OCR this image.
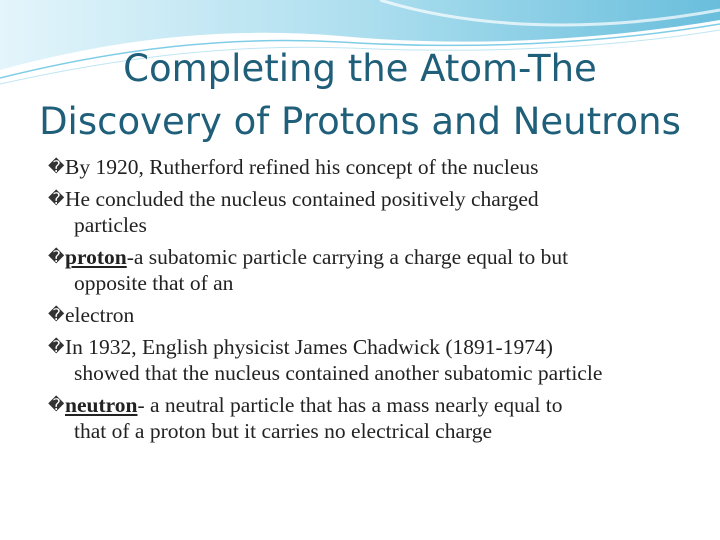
Completing the Atom-The
Discovery of Protons and Neutrons
� By 1920, Rutherford refined his concept of the nucleus
� He concluded the nucleus contained positively charged
particles
� proton-a subatomic particle carrying a charge equal to but
opposite that of an
� electron
� In 1932, English physicist James Chadwick (1891-1974)
showed that the nucleus contained another subatomic particle
� neutron- a neutral particle that has a mass nearly equal to
that of a proton but it carries no electrical charge
